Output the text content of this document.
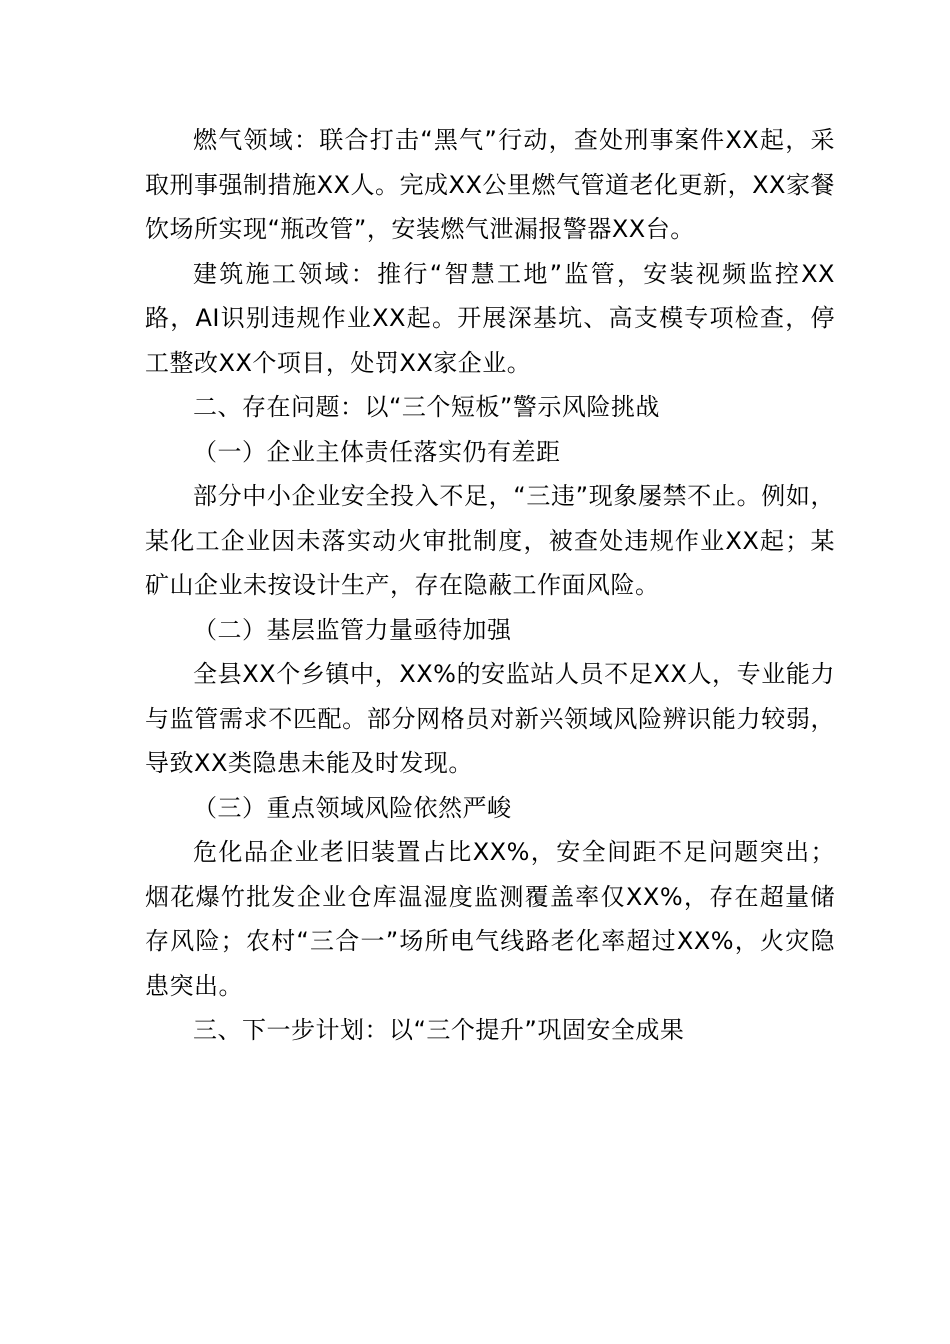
燃气领域：联合打击“黑气”行动，查处刑事案件XX起，采取刑事强制措施XX人。完成XX公里燃气管道老化更新，XX家餐饮场所实现“瓶改管”，安装燃气泄漏报警器XX台。

建筑施工领域：推行“智慧工地”监管，安装视频监控XX路，AI识别违规作业XX起。开展深基坑、高支模专项检查，停工整改XX个项目，处罚XX家企业。

二、存在问题：以“三个短板”警示风险挑战

（一）企业主体责任落实仍有差距

部分中小企业安全投入不足，“三违”现象屡禁不止。例如，某化工企业因未落实动火审批制度，被查处违规作业XX起；某矿山企业未按设计生产，存在隐蔽工作面风险。

（二）基层监管力量亟待加强

全县XX个乡镇中，XX%的安监站人员不足XX人，专业能力与监管需求不匹配。部分网格员对新兴领域风险辨识能力较弱，导致XX类隐患未能及时发现。

（三）重点领域风险依然严峻

危化品企业老旧装置占比XX%，安全间距不足问题突出；烟花爆竹批发企业仓库温湿度监测覆盖率仅XX%，存在超量储存风险；农村“三合一”场所电气线路老化率超过XX%，火灾隐患突出。

三、下一步计划：以“三个提升”巩固安全成果
